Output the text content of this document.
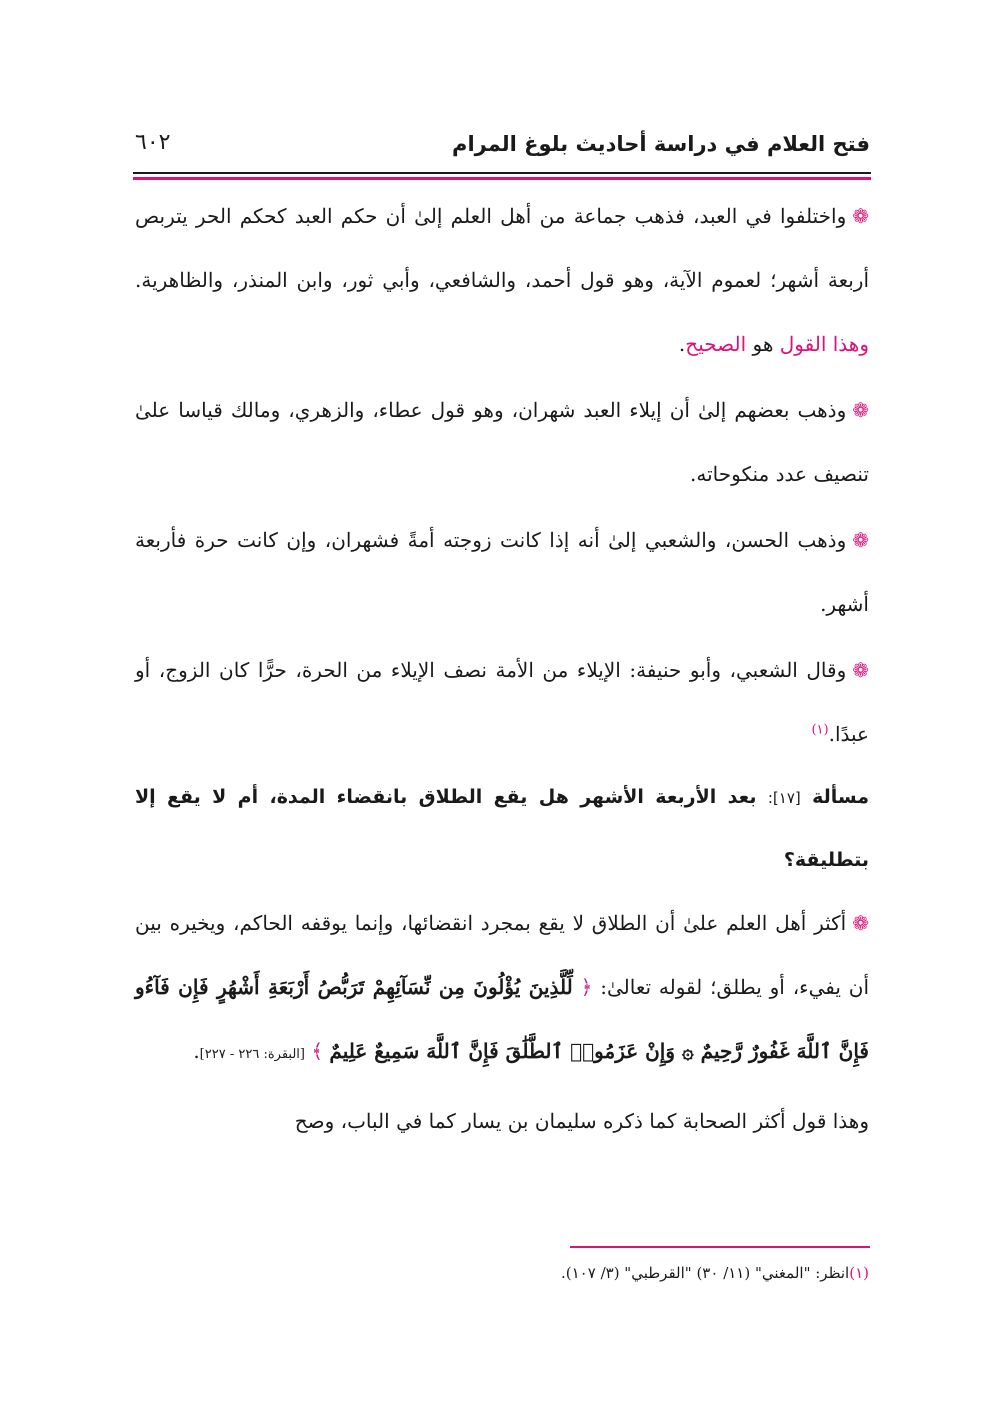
فتح العلام في دراسة أحاديث بلوغ المرام
٦٠٢

❁واختلفوا في العبد، فذهب جماعة من أهل العلم إلىٰ أن حكم العبد كحكم الحر يتربص أربعة أشهر؛ لعموم الآية، وهو قول أحمد، والشافعي، وأبي ثور، وابن المنذر، والظاهرية. وهذا القول هو الصحيح.

❁وذهب بعضهم إلىٰ أن إيلاء العبد شهران، وهو قول عطاء، والزهري، ومالك قياسا علىٰ تنصيف عدد منكوحاته.

❁وذهب الحسن، والشعبي إلىٰ أنه إذا كانت زوجته أمةً فشهران، وإن كانت حرة فأربعة أشهر.

❁وقال الشعبي، وأبو حنيفة: الإيلاء من الأمة نصف الإيلاء من الحرة، حرًّا كان الزوج، أو عبدًا.$^{(١)}$

مسألة [١٧]: بعد الأربعة الأشهر هل يقع الطلاق بانقضاء المدة، أم لا يقع إلا بتطليقة؟

❁أكثر أهل العلم علىٰ أن الطلاق لا يقع بمجرد انقضائها، وإنما يوقفه الحاكم، ويخيره بين أن يفيء، أو يطلق؛ لقوله تعالىٰ: ﴿ لِّلَّذِينَ يُؤْلُونَ مِن نِّسَآئِهِمْ تَرَبُّصُ أَرْبَعَةِ أَشْهُرٍ فَإِن فَآءُو فَإِنَّ ٱللَّهَ غَفُورٌ رَّحِيمٌ ۞ وَإِنْ عَزَمُوا۟ ٱلطَّلَٰقَ فَإِنَّ ٱللَّهَ سَمِيعٌ عَلِيمٌ ﴾ [البقرة: ٢٢٦ - ٢٢٧].

وهذا قول أكثر الصحابة كما ذكره سليمان بن يسار كما في الباب، وصح

(١)انظر: "المغني" (١١/ ٣٠) "القرطبي" (٣/ ١٠٧).
